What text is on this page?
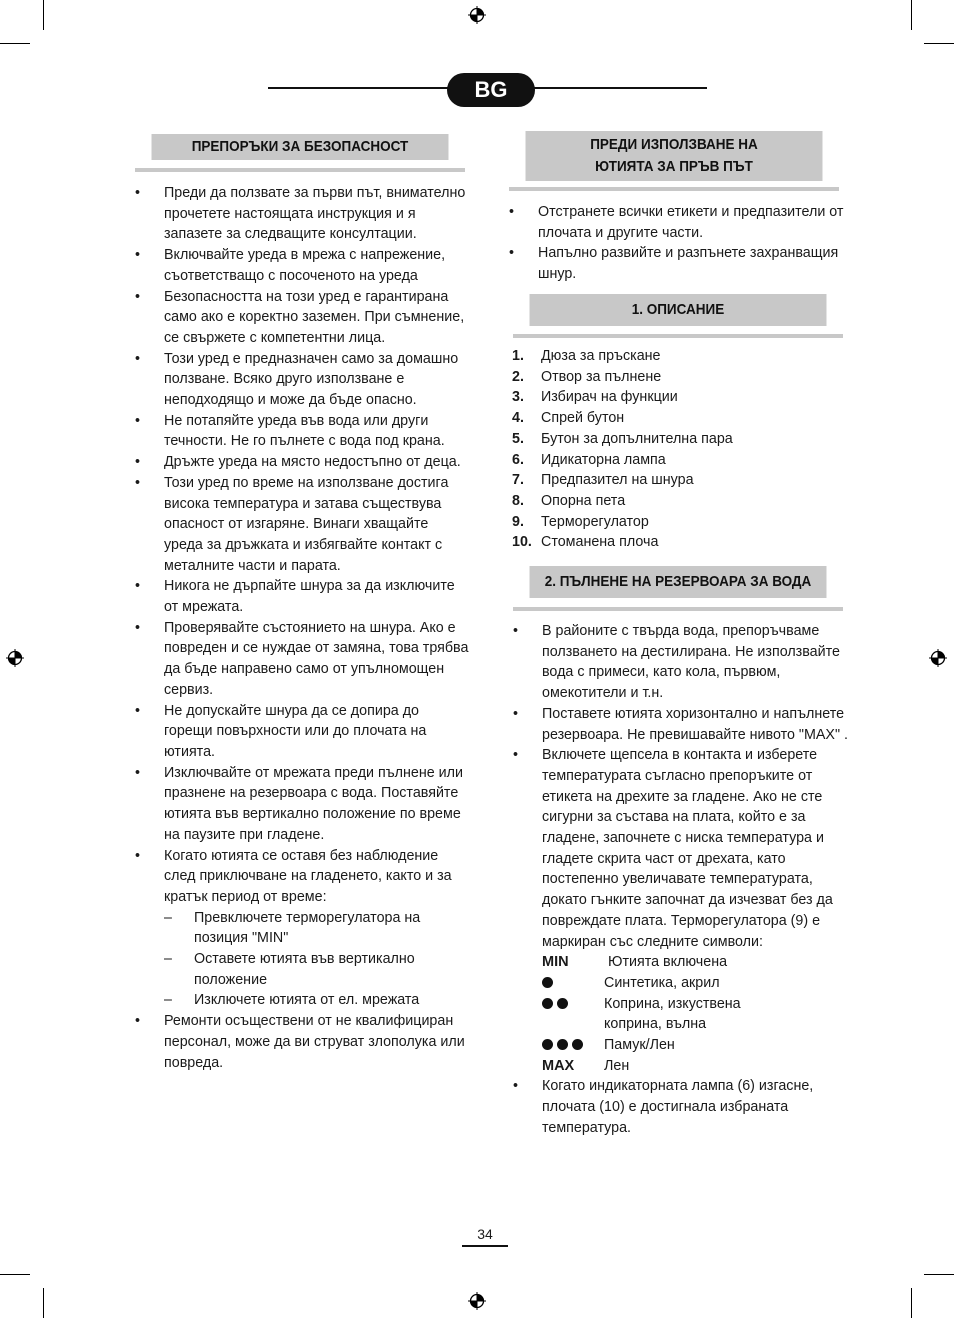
BG
ПРЕПОРЪКИ ЗА БЕЗОПАСНОСТ
• Преди да ползвате за първи път, внимателно прочетете настоящата инструкция и я запазете за следващите консултации.
• Включвайте уреда в мрежа с напрежение, съответстващо с посоченото на уреда
• Безопасността на този уред е гарантирана само ако е коректно заземен. При съмнение, се свържете с компетентни лица.
• Този уред е предназначен само за домашно ползване. Всяко друго използване е неподходящо и може да бъде опасно.
• Не потапяйте уреда във вода или други течности. Не го пълнете с вода под крана.
• Дръжте уреда на място недостъпно от деца.
• Този уред по време на използване достига висока температура и затава съществува опасност от изгаряне. Винаги хващайте уреда за дръжката и избягвайте контакт с металните части и парата.
• Никога не дърпайте шнура за да изключите от мрежата.
• Проверявайте състоянието на шнура. Ако е повреден и се нуждае от замяна, това трябва да бъде направено само от упълномощен сервиз.
• Не допускайте шнура да се допира до горещи повърхности или до плочата на ютията.
• Изключвайте от мрежата преди пълнене или празнене на резервоара с вода. Поставяйте ютията във вертикално положение по време на паузите при гладене.
• Когато ютията се оставя без наблюдение след приключване на гладенето, както и за кратък период от време:
– Превключете терморегулатора на позиция "MIN"
– Оставете ютията във вертикално положение
– Изключете ютията от ел. мрежата
• Ремонти осъществени от не квалифициран персонал, може да ви струват злополука или повреда.
ПРЕДИ ИЗПОЛЗВАНЕ НА
ЮТИЯТА ЗА ПРЪВ ПЪТ
• Отстранете всички етикети и предпазители от плочата и другите части.
• Напълно развийте и разпънете захранващия шнур.
1. ОПИСАНИЕ
1. Дюза за пръскане
2. Отвор за пълнене
3. Избирач на функции
4. Спрей бутон
5. Бутон за допълнителна пара
6. Идикаторна лампа
7. Предпазител на шнура
8. Опорна пета
9. Терморегулатор
10. Стоманена плоча
2. ПЪЛНЕНЕ НА РЕЗЕРВОАРА ЗА ВОДА
• В районите с твърда вода, препоръчваме ползването на дестилирана. Не използвайте вода с примеси, като кола, първюм, омекотители и т.н.
• Поставете ютията хоризонтално и напълнете резервоара. Не превишавайте нивото "MAX" .
• Включете щепсела в контакта и изберете температурата съгласно препоръките от етикета на дрехите за гладене. Ако не сте сигурни за състава на плата, който е за гладене, започнете с ниска температура и гладете скрита част от дрехата, като постепенно увеличавате температурата, докато гънките започнат да изчезват без да повреждате плата. Терморегулатора (9) е маркиран със следните символи:
MIN	Ютията включена
Синтетика, акрил
Коприна, изкуствена
коприна, вълна
Памук/Лен
MAX Лен
• Когато индикаторната лампа (6) изгасне, плочата (10) е достигнала избраната температура.
34
